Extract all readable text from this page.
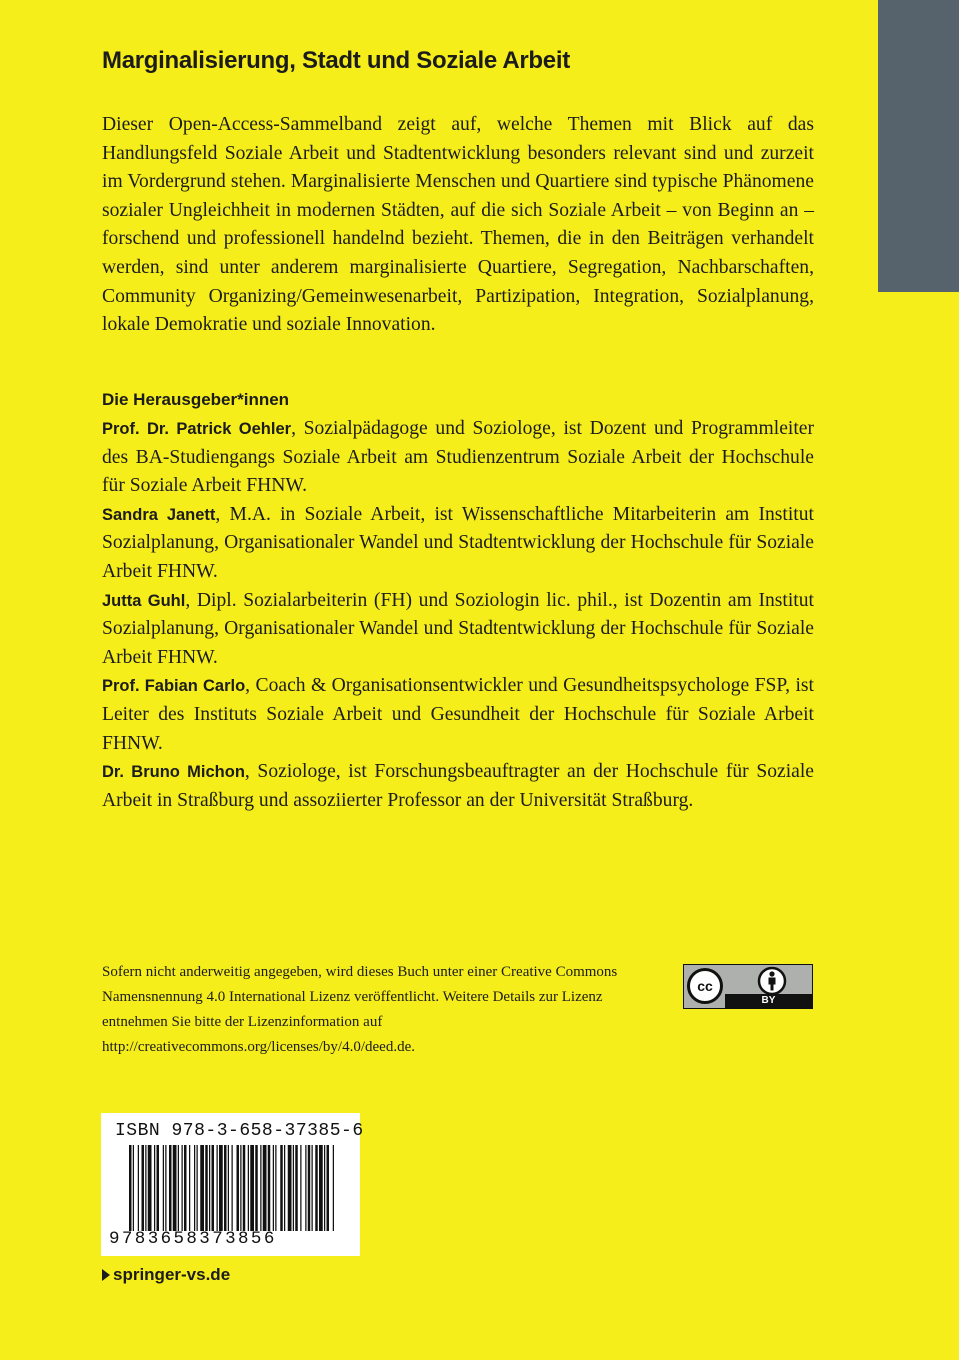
Marginalisierung, Stadt und Soziale Arbeit

Dieser Open-Access-Sammelband zeigt auf, welche Themen mit Blick auf das Handlungsfeld Soziale Arbeit und Stadtentwicklung besonders relevant sind und zurzeit im Vordergrund stehen. Marginalisierte Menschen und Quartiere sind typische Phänomene sozialer Ungleichheit in modernen Städten, auf die sich Soziale Arbeit – von Beginn an – forschend und professionell handelnd bezieht. Themen, die in den Beiträgen verhandelt werden, sind unter anderem marginalisierte Quartiere, Segregation, Nachbarschaften, Community Organizing/Gemeinwesenarbeit, Partizipation, Integration, Sozialplanung, lokale Demokratie und soziale Innovation.

Die Herausgeber*innen

Prof. Dr. Patrick Oehler, Sozialpädagoge und Soziologe, ist Dozent und Programmleiter des BA-Studiengangs Soziale Arbeit am Studienzentrum Soziale Arbeit der Hochschule für Soziale Arbeit FHNW.

Sandra Janett, M.A. in Soziale Arbeit, ist Wissenschaftliche Mitarbeiterin am Institut Sozialplanung, Organisationaler Wandel und Stadtentwicklung der Hochschule für Soziale Arbeit FHNW.

Jutta Guhl, Dipl. Sozialarbeiterin (FH) und Soziologin lic. phil., ist Dozentin am Institut Sozialplanung, Organisationaler Wandel und Stadtentwicklung der Hochschule für Soziale Arbeit FHNW.

Prof. Fabian Carlo, Coach & Organisationsentwickler und Gesundheitspsychologe FSP, ist Leiter des Instituts Soziale Arbeit und Gesundheit der Hochschule für Soziale Arbeit FHNW.

Dr. Bruno Michon, Soziologe, ist Forschungsbeauftragter an der Hochschule für Soziale Arbeit in Straßburg und assoziierter Professor an der Universität Straßburg.

Sofern nicht anderweitig angegeben, wird dieses Buch unter einer Creative Commons Namensnennung 4.0 International Lizenz veröffentlicht. Weitere Details zur Lizenz entnehmen Sie bitte der Lizenzinformation auf http://creativecommons.org/licenses/by/4.0/deed.de.

cc
BY

ISBN 978-3-658-37385-6

9783658373856

springer-vs.de
